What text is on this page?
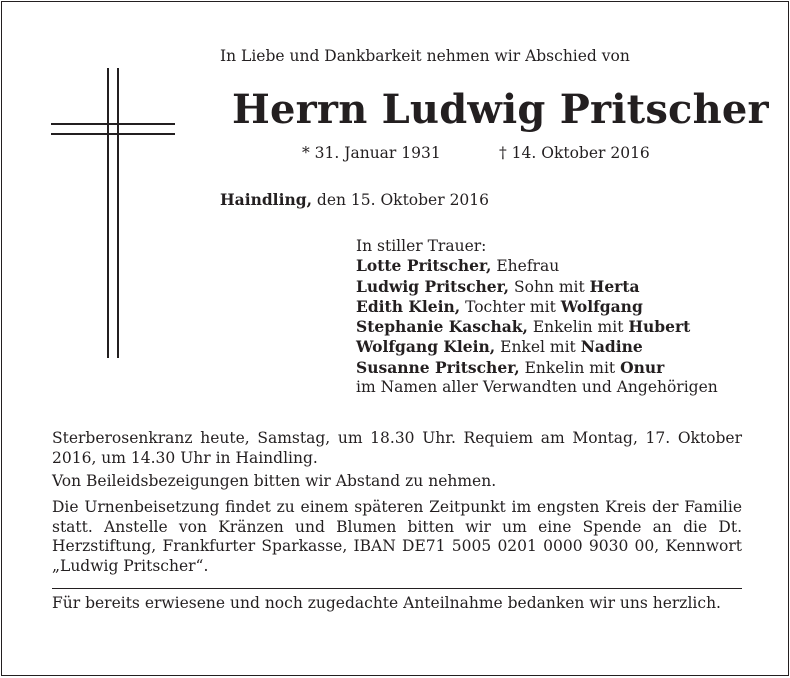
In Liebe und Dankbarkeit nehmen wir Abschied von
Herrn Ludwig Pritscher
* 31. Januar 1931	† 14. Oktober 2016
Haindling, den 15. Oktober 2016
In stiller Trauer:
Lotte Pritscher, Ehefrau
Ludwig Pritscher, Sohn mit Herta
Edith Klein, Tochter mit Wolfgang
Stephanie Kaschak, Enkelin mit Hubert
Wolfgang Klein, Enkel mit Nadine
Susanne Pritscher, Enkelin mit Onur
im Namen aller Verwandten und Angehörigen

Sterberosenkranz heute, Samstag, um 18.30 Uhr. Requiem am Montag, 17. Oktober 2016, um 14.30 Uhr in Haindling.

Von Beileidsbezeigungen bitten wir Abstand zu nehmen.

Die Urnenbeisetzung findet zu einem späteren Zeitpunkt im engsten Kreis der Familie statt. Anstelle von Kränzen und Blumen bitten wir um eine Spende an die Dt. Herzstiftung, Frankfurter Sparkasse, IBAN DE71 5005 0201 0000 9030 00, Kennwort „Ludwig Pritscher“.

Für bereits erwiesene und noch zugedachte Anteilnahme bedanken wir uns herzlich.
